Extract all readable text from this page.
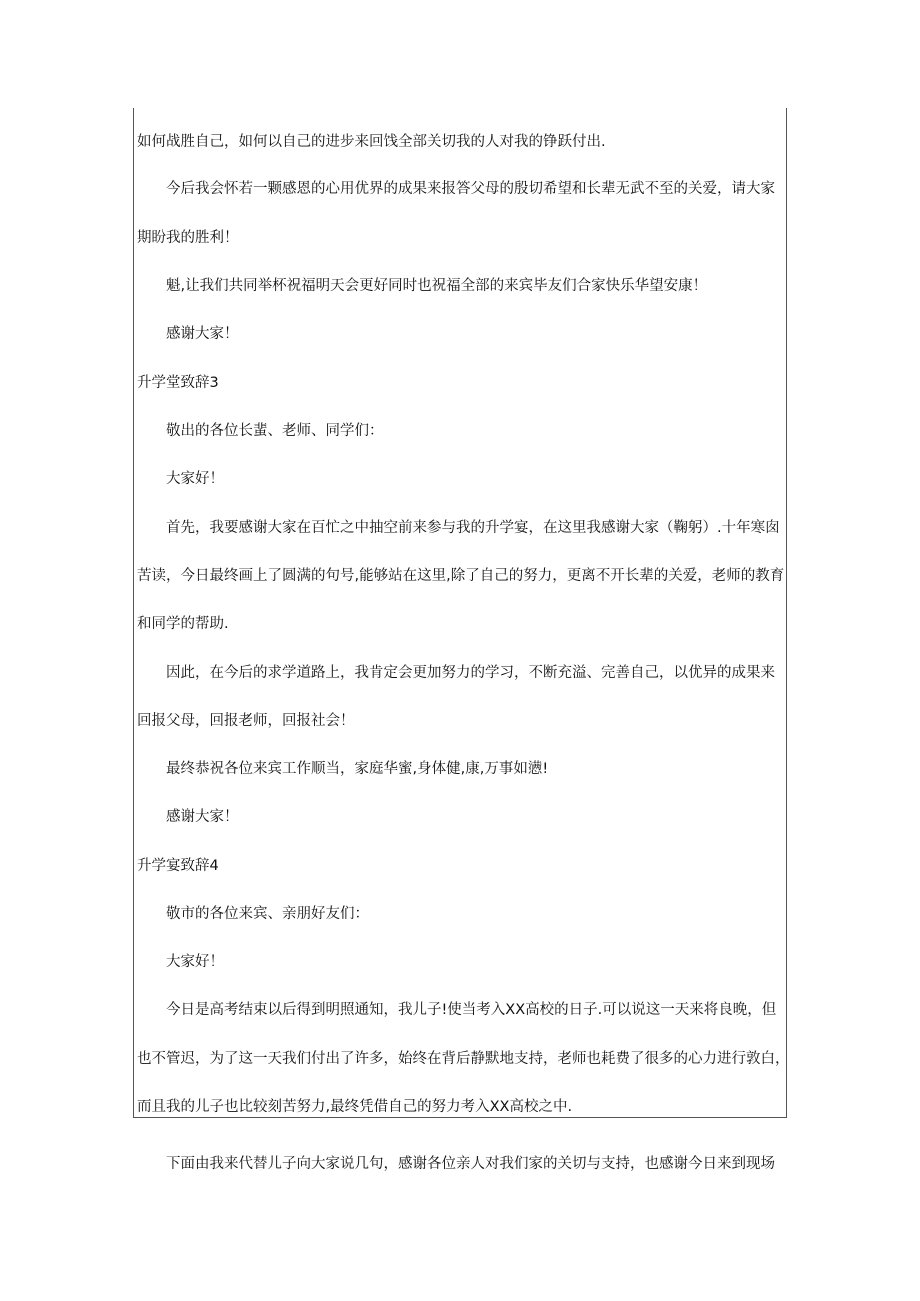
如何战胜自己，如何以自己的进步来回饯全部关切我的人对我的铮跃付出.
今后我会怀若一颗感恩的心用优界的成果来报答父母的殷切希望和长辈无武不至的关爱，请大家
期盼我的胜利！
魁,让我们共同举杯祝福明天会更好同时也祝福全部的来宾毕友们合家快乐华望安康！
感谢大家！
升学堂致辞3
敬出的各位长蜚、老师、同学们：
大家好！
首先，我要感谢大家在百忙之中抽空前来参与我的升学宴，在这里我感谢大家（鞠躬）.十年寒囱
苦读，今日最终画上了圆满的句号,能够站在这里,除了自己的努力，更离不开长辈的关爱，老师的教育
和同学的帮助.
因此，在今后的求学道路上，我肯定会更加努力的学习，不断充溢、完善自己，以优异的成果来
回报父母，回报老师，回报社会！
最终恭祝各位来宾工作顺当，家庭华蜜,身体健,康,万事如懑!
感谢大家！
升学宴致辞4
敬市的各位来宾、亲朋好友们：
大家好！
今日是高考结束以后得到明照通知，我儿子!使当考入XX高校的日子.可以说这一天来将良晚，但
也不管迟，为了这一天我们付出了许多，始终在背后静默地支持，老师也耗费了很多的心力进行敦白，
而且我的儿子也比较刻苦努力,最终凭借自己的努力考入XX高校之中.
下面由我来代替儿子向大家说几句，感谢各位亲人对我们家的关切与支持，也感谢今日来到现场
